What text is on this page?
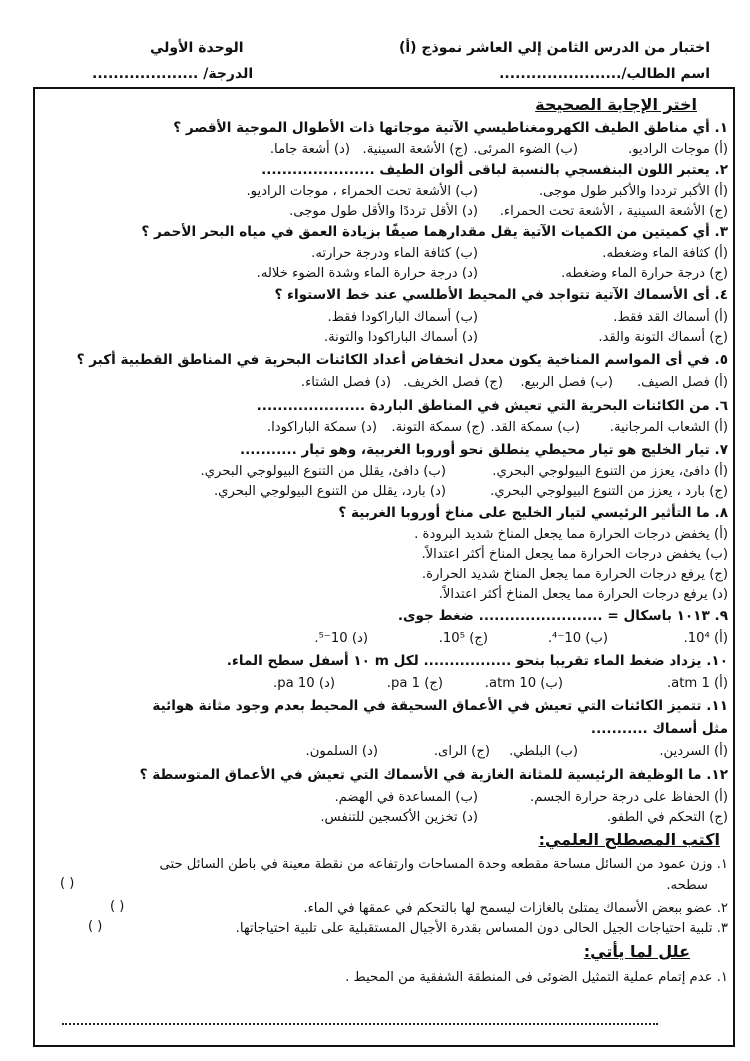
اختبار من الدرس الثامن إلي العاشر نموذج (أ)
الوحدة الأولي
اسم الطالب/.......................
الدرجة/ ....................
اختر الإجابة الصحيحة
١. أي مناطق الطيف الكهرومغناطيسي الآتية موجاتها ذات الأطوال الموجية الأقصر ؟
(أ) موجات الراديو.
(ب) الضوء المرئى.
(ج) الأشعة السينية.
(د) أشعة جاما.
٢. يعتبر اللون البنفسجي بالنسبة لباقى ألوان الطيف ......................
(أ) الأكبر ترددا والأكبر طول موجى.
(ب) الأشعة تحت الحمراء ، موجات الراديو.
(ج) الأشعة السينية ، الأشعة تحت الحمراء.
(د) الأقل ترددًا والأقل طول موجى.
٣. أي كميتين من الكميات الآتية يقل مقدارهما صيفًا بزيادة العمق في مياه البحر الأحمر ؟
(أ) كثافة الماء وضغطه.
(ب) كثافة الماء ودرجة حرارته.
(ج) درجة حرارة الماء وضغطه.
(د) درجة حرارة الماء وشدة الضوء خلاله.
٤. أى الأسماك الآتية تتواجد في المحيط الأطلسي عند خط الاستواء ؟
(أ) أسماك القد فقط.
(ب) أسماك الباراكودا فقط.
(ج) أسماك التونة والقد.
(د) أسماك الباراكودا والتونة.
٥. في أى المواسم المناخية يكون معدل انخفاض أعداد الكائنات البحرية في المناطق القطبية أكبر ؟
(أ) فصل الصيف.
(ب) فصل الربيع.
(ج) فصل الخريف.
(د) فصل الشتاء.
٦. من الكائنات البحرية التي تعيش في المناطق الباردة .....................
(أ) الشعاب المرجانية.
(ب) سمكة القد.
(ج) سمكة التونة.
(د) سمكة الباراكودا.
٧. تيار الخليج هو تيار محيطي ينطلق نحو أوروبا الغربية، وهو تيار ...........
(أ) دافئ، يعزز من التنوع البيولوجي البحري.
(ب) دافئ، يقلل من التنوع البيولوجي البحري.
(ج) بارد ، يعزز من التنوع البيولوجي البحري.
(د) بارد، يقلل من التنوع البيولوجي البحري.
٨. ما التأثير الرئيسي لتيار الخليج على مناخ أوروبا الغربية ؟
(أ) يخفض درجات الحرارة مما يجعل المناخ شديد البرودة .
(ب) يخفض درجات الحرارة مما يجعل المناخ أكثر اعتدالاً.
(ج) يرفع درجات الحرارة مما يجعل المناخ شديد الحرارة.
(د) يرفع درجات الحرارة مما يجعل المناخ أكثر اعتدالاً.
٩. ١٠١٣ باسكال = ........................ ضغط جوى.
(أ) 10⁴.
(ب) 10⁻⁴.
(ج) 10⁵.
(د) 10⁻⁵.
١٠. يزداد ضغط الماء تقريبا بنحو ................. لكل m ١٠ أسفل سطح الماء.
(أ) 1 atm.
(ب) 10 atm.
(ج) 1 pa.
(د) 10 pa.
١١. تتميز الكائنات التي تعيش في الأعماق السحيقة في المحيط بعدم وجود مثانة هوائية
مثل أسماك ...........
(أ) السردين.
(ب) البلطي.
(ج) الراى.
(د) السلمون.
١٢. ما الوظيفة الرئيسية للمثانة الغازية في الأسماك التي تعيش في الأعماق المتوسطة ؟
(أ) الحفاظ على درجة حرارة الجسم.
(ب) المساعدة في الهضم.
(ج) التحكم في الطفو.
(د) تخزين الأكسجين للتنفس.
اكتب المصطلح العلمي:
١. وزن عمود من السائل مساحة مقطعه وحدة المساحات وارتفاعه من نقطة معينة في باطن السائل حتى
سطحه.
( )
٢. عضو ببعض الأسماك يمتلئ بالغازات ليسمح لها بالتحكم في عمقها في الماء.
( )
٣. تلبية احتياجات الجيل الحالى دون المساس بقدرة الأجيال المستقبلية على تلبية احتياجاتها.
( )
علل لما يأتي:
١. عدم إتمام عملية التمثيل الضوئى فى المنطقة الشفقية من المحيط .
